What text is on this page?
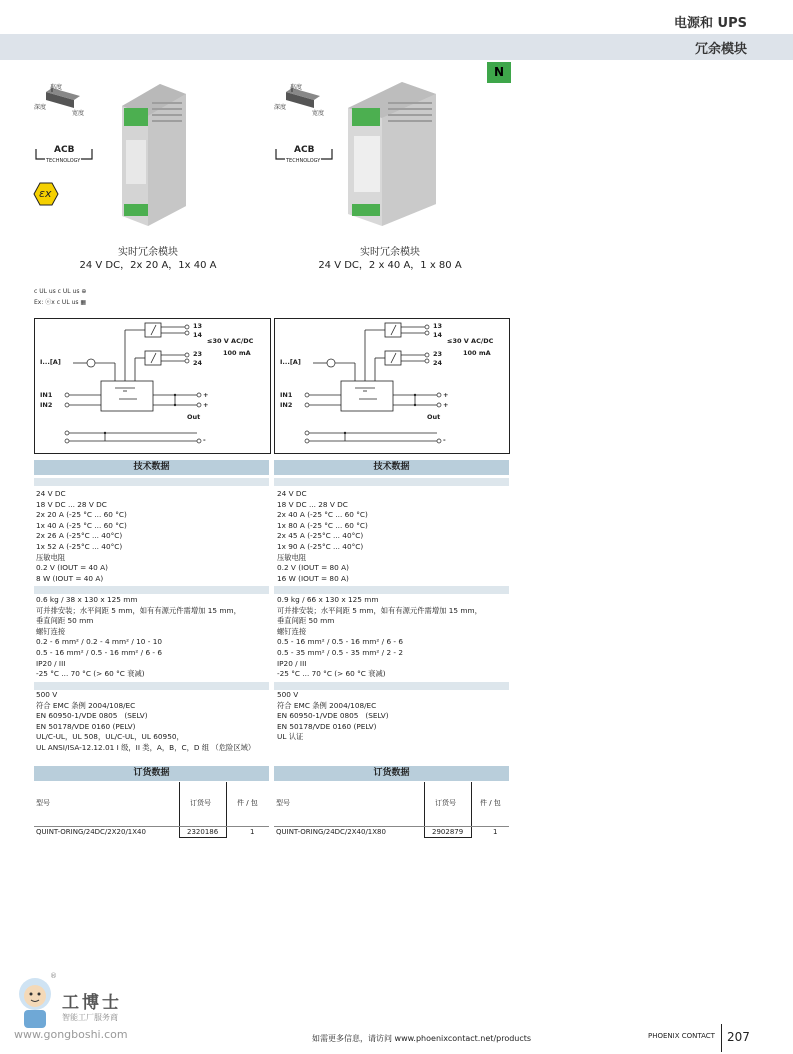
电源和 UPS
冗余模块
N
高度
深度
宽度
ACB
TECHNOLOGY
εx
实时冗余模块
24 V DC，2x 20 A，1x 40 A
c UL us c UL us ⊕
Ex: ⓔx c UL us ▦
高度
深度
宽度
ACB
TECHNOLOGY
实时冗余模块
24 V DC，2 x 40 A，1 x 80 A
13
14
23
24
≤30 V AC/DC
100 mA
I...[A]
IN1
IN2
+
+
Out
-
13
14
23
24
≤30 V AC/DC
100 mA
I...[A]
IN1
IN2
+
+
Out
-
技术数据
24 V DC
18 V DC ... 28 V DC
2x 20 A (-25 °C ... 60 °C)
1x 40 A (-25 °C ... 60 °C)
2x 26 A (-25°C ... 40°C)
1x 52 A (-25°C ... 40°C)
压敏电阻
0.2 V (IOUT = 40 A)
8 W (IOUT = 40 A)
0.6 kg / 38 x 130 x 125 mm
可并排安装；水平间距 5 mm，如有有源元件需增加 15 mm，
垂直间距 50 mm
螺钉连接
0.2 - 6 mm² / 0.2 - 4 mm² / 10 - 10
0.5 - 16 mm² / 0.5 - 16 mm² / 6 - 6
IP20 / III
-25 °C ... 70 °C (> 60 °C 衰减)
500 V
符合 EMC 条例 2004/108/EC
EN 60950-1/VDE 0805   (SELV)
EN 50178/VDE 0160 (PELV)
UL/C-UL，UL 508，UL/C-UL，UL 60950，
UL ANSI/ISA-12.12.01 I 级，II 类，A，B，C，D 组 （危险区域）
技术数据
24 V DC
18 V DC ... 28 V DC
2x 40 A (-25 °C ... 60 °C)
1x 80 A (-25 °C ... 60 °C)
2x 45 A (-25°C ... 40°C)
1x 90 A (-25°C ... 40°C)
压敏电阻
0.2 V (IOUT = 80 A)
16 W (IOUT = 80 A)
0.9 kg / 66 x 130 x 125 mm
可并排安装；水平间距 5 mm，如有有源元件需增加 15 mm，
垂直间距 50 mm
螺钉连接
0.5 - 16 mm² / 0.5 - 16 mm² / 6 - 6
0.5 - 35 mm² / 0.5 - 35 mm² / 2 - 2
IP20 / III
-25 °C ... 70 °C (> 60 °C 衰减)
500 V
符合 EMC 条例 2004/108/EC
EN 60950-1/VDE 0805   (SELV)
EN 50178/VDE 0160 (PELV)
UL 认证
订货数据
型号	订货号	件 / 包
QUINT-ORING/24DC/2X20/1X40	2320186	1
订货数据
型号	订货号	件 / 包
QUINT-ORING/24DC/2X40/1X80	2902879	1
®
工博士
智能工厂服务商
www.gongboshi.com	如需更多信息，请访问 www.phoenixcontact.net/products	PHOENIX CONTACT 207
